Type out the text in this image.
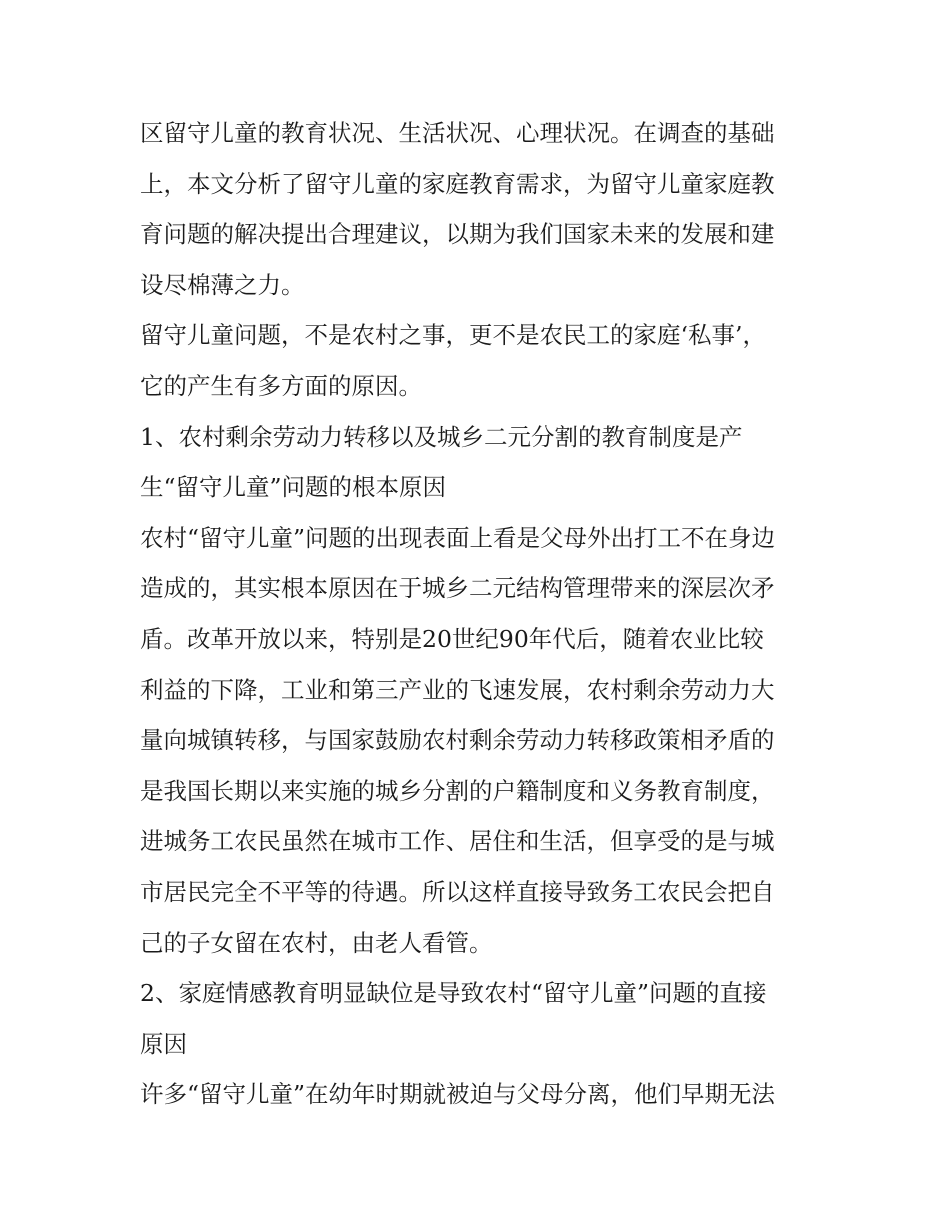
区留守儿童的教育状况、生活状况、心理状况。在调查的基础
上，本文分析了留守儿童的家庭教育需求，为留守儿童家庭教
育问题的解决提出合理建议，以期为我们国家未来的发展和建
设尽棉薄之力。
留守儿童问题，不是农村之事，更不是农民工的家庭‘私事’，
它的产生有多方面的原因。
1、农村剩余劳动力转移以及城乡二元分割的教育制度是产
生“留守儿童”问题的根本原因
农村“留守儿童”问题的出现表面上看是父母外出打工不在身边
造成的，其实根本原因在于城乡二元结构管理带来的深层次矛
盾。改革开放以来，特别是20世纪90年代后，随着农业比较
利益的下降，工业和第三产业的飞速发展，农村剩余劳动力大
量向城镇转移，与国家鼓励农村剩余劳动力转移政策相矛盾的
是我国长期以来实施的城乡分割的户籍制度和义务教育制度，
进城务工农民虽然在城市工作、居住和生活，但享受的是与城
市居民完全不平等的待遇。所以这样直接导致务工农民会把自
己的子女留在农村，由老人看管。
2、家庭情感教育明显缺位是导致农村“留守儿童”问题的直接
原因
许多“留守儿童”在幼年时期就被迫与父母分离，他们早期无法
